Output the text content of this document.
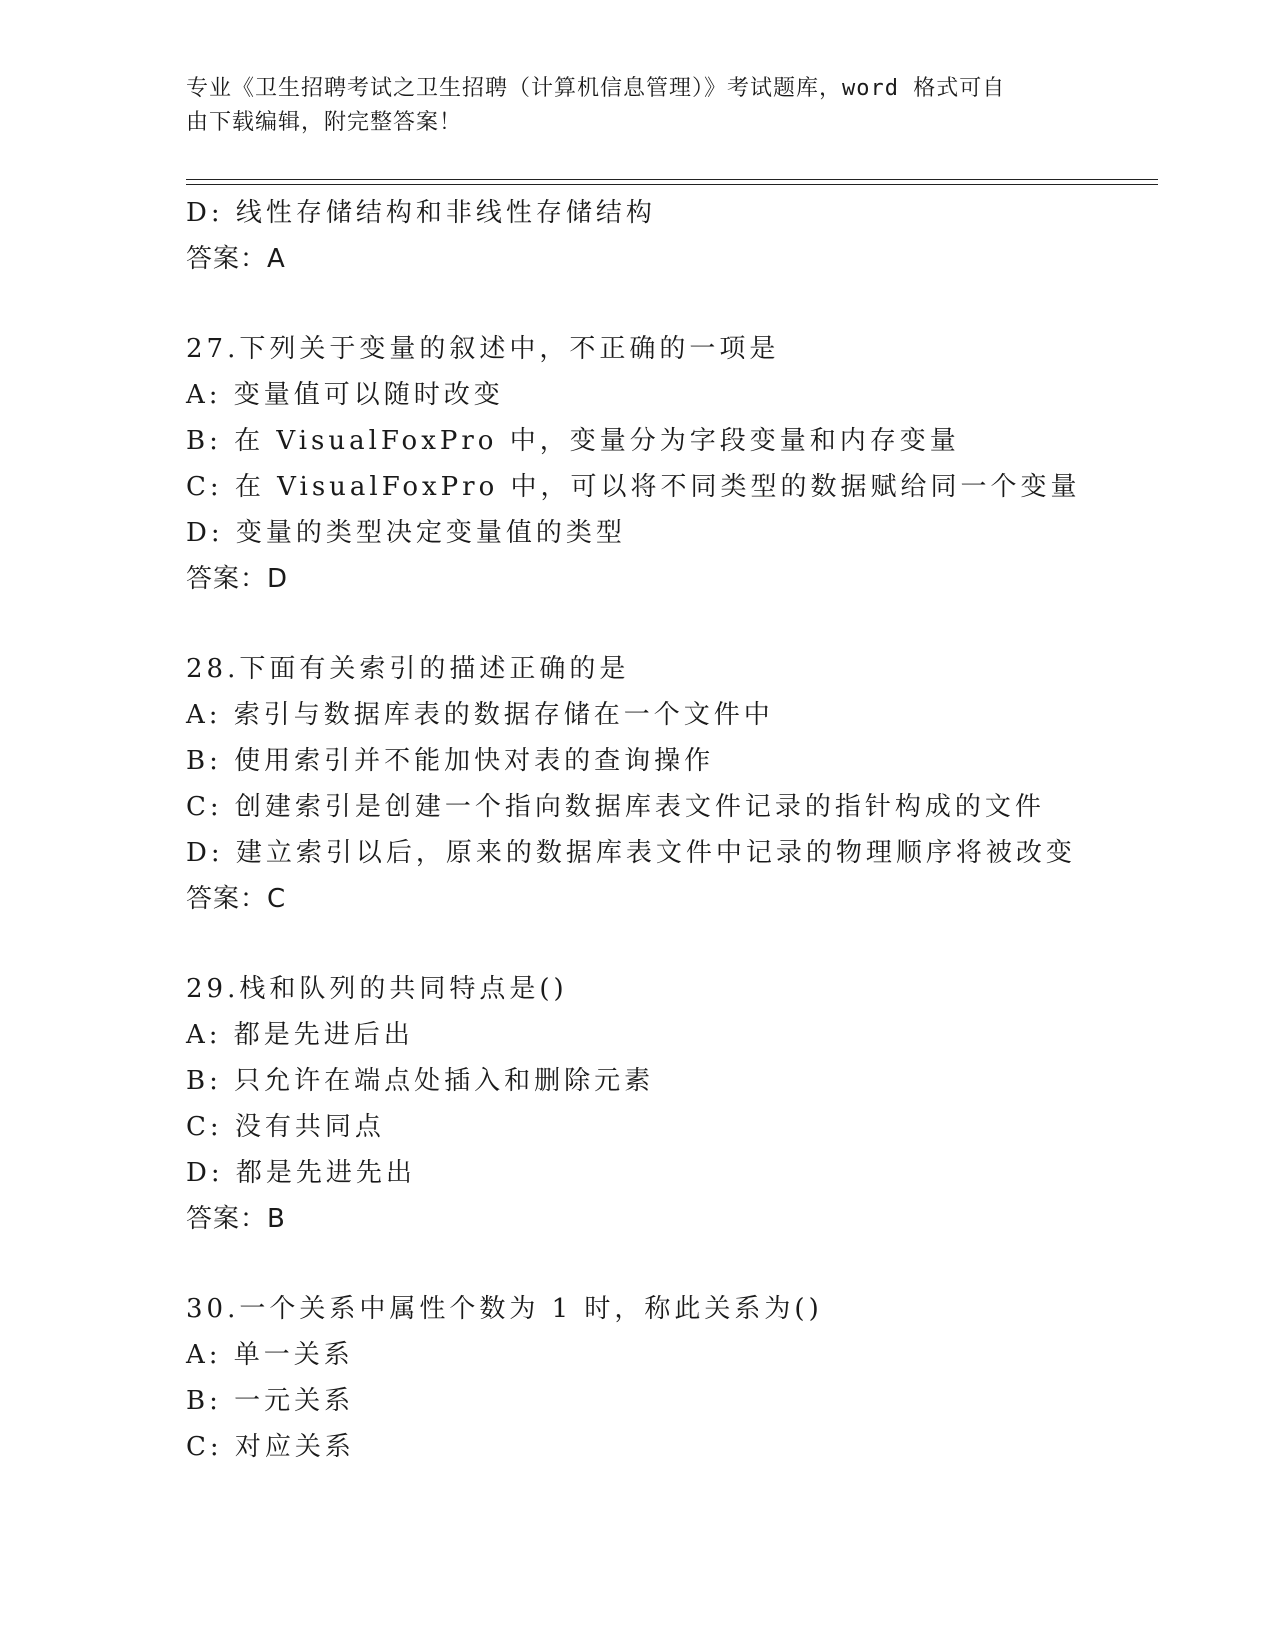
专业《卫生招聘考试之卫生招聘（计算机信息管理）》考试题库，word 格式可自
由下载编辑，附完整答案！
D: 线性存储结构和非线性存储结构
答案：A
27.下列关于变量的叙述中，不正确的一项是
A: 变量值可以随时改变
B: 在 VisualFoxPro 中，变量分为字段变量和内存变量
C: 在 VisualFoxPro 中，可以将不同类型的数据赋给同一个变量
D: 变量的类型决定变量值的类型
答案：D
28.下面有关索引的描述正确的是
A: 索引与数据库表的数据存储在一个文件中
B: 使用索引并不能加快对表的查询操作
C: 创建索引是创建一个指向数据库表文件记录的指针构成的文件
D: 建立索引以后，原来的数据库表文件中记录的物理顺序将被改变
答案：C
29.栈和队列的共同特点是()
A: 都是先进后出
B: 只允许在端点处插入和删除元素
C: 没有共同点
D: 都是先进先出
答案：B
30.一个关系中属性个数为 1 时，称此关系为()
A: 单一关系
B: 一元关系
C: 对应关系
